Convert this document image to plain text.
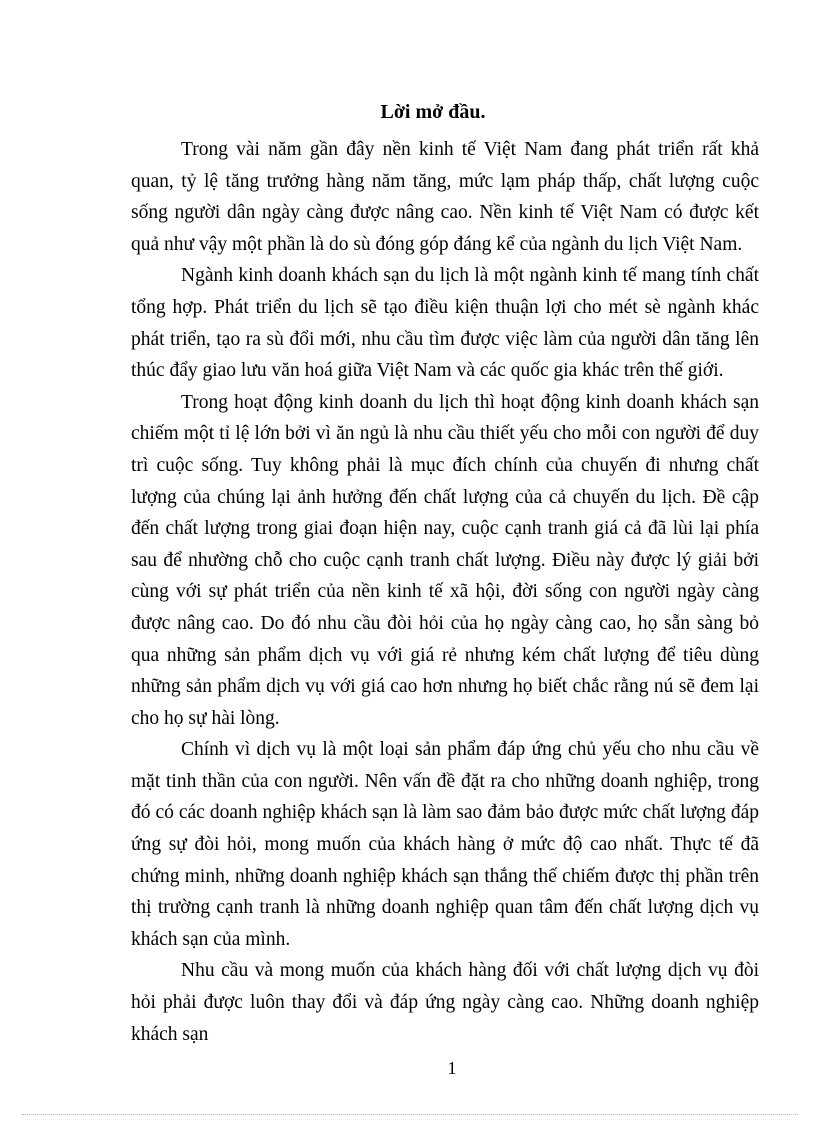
Lời mở đầu.

Trong vài năm gần đây nền kinh tế Việt Nam đang phát triển rất khả quan, tỷ lệ tăng trưởng hàng năm tăng, mức lạm pháp thấp, chất lượng cuộc sống người dân ngày càng được nâng cao. Nền kinh tế Việt Nam có được kết quả như vậy một phần là do sù đóng góp đáng kể của ngành du lịch Việt Nam.

Ngành kinh doanh khách sạn du lịch là một ngành kinh tế mang tính chất tổng hợp. Phát triển du lịch sẽ tạo điều kiện thuận lợi cho mét sè ngành khác phát triển, tạo ra sù đổi mới, nhu cầu tìm được việc làm của người dân tăng lên thúc đẩy giao lưu văn hoá giữa Việt Nam và các quốc gia khác trên thế giới.

Trong hoạt động kinh doanh du lịch thì hoạt động kinh doanh khách sạn chiếm một tỉ lệ lớn bởi vì ăn ngủ là nhu cầu thiết yếu cho mỗi con người để duy trì cuộc sống. Tuy không phải là mục đích chính của chuyến đi nhưng chất lượng của chúng lại ảnh hưởng đến chất lượng của cả chuyến du lịch. Đề cập đến chất lượng trong giai đoạn hiện nay, cuộc cạnh tranh giá cả đã lùi lại phía sau để nhường chỗ cho cuộc cạnh tranh chất lượng. Điều này được lý giải bởi cùng với sự phát triển của nền kinh tế xã hội, đời sống con người ngày càng được nâng cao. Do đó nhu cầu đòi hỏi của họ ngày càng cao, họ sẵn sàng bỏ qua những sản phẩm dịch vụ với giá rẻ nhưng kém chất lượng để tiêu dùng những sản phẩm dịch vụ với giá cao hơn nhưng họ biết chắc rằng nú sẽ đem lại cho họ sự hài lòng.

Chính vì dịch vụ là một loại sản phẩm đáp ứng chủ yếu cho nhu cầu về mặt tinh thần của con người. Nên vấn đề đặt ra cho những doanh nghiệp, trong đó có các doanh nghiệp khách sạn là làm sao đảm bảo được mức chất lượng đáp ứng sự đòi hỏi, mong muốn của khách hàng ở mức độ cao nhất. Thực tế đã chứng minh, những doanh nghiệp khách sạn thắng thế chiếm được thị phần trên thị trường cạnh tranh là những doanh nghiệp quan tâm đến chất lượng dịch vụ khách sạn của mình.

Nhu cầu và mong muốn của khách hàng đối với chất lượng dịch vụ đòi hỏi phải được luôn thay đổi và đáp ứng ngày càng cao. Những doanh nghiệp khách sạn

1
